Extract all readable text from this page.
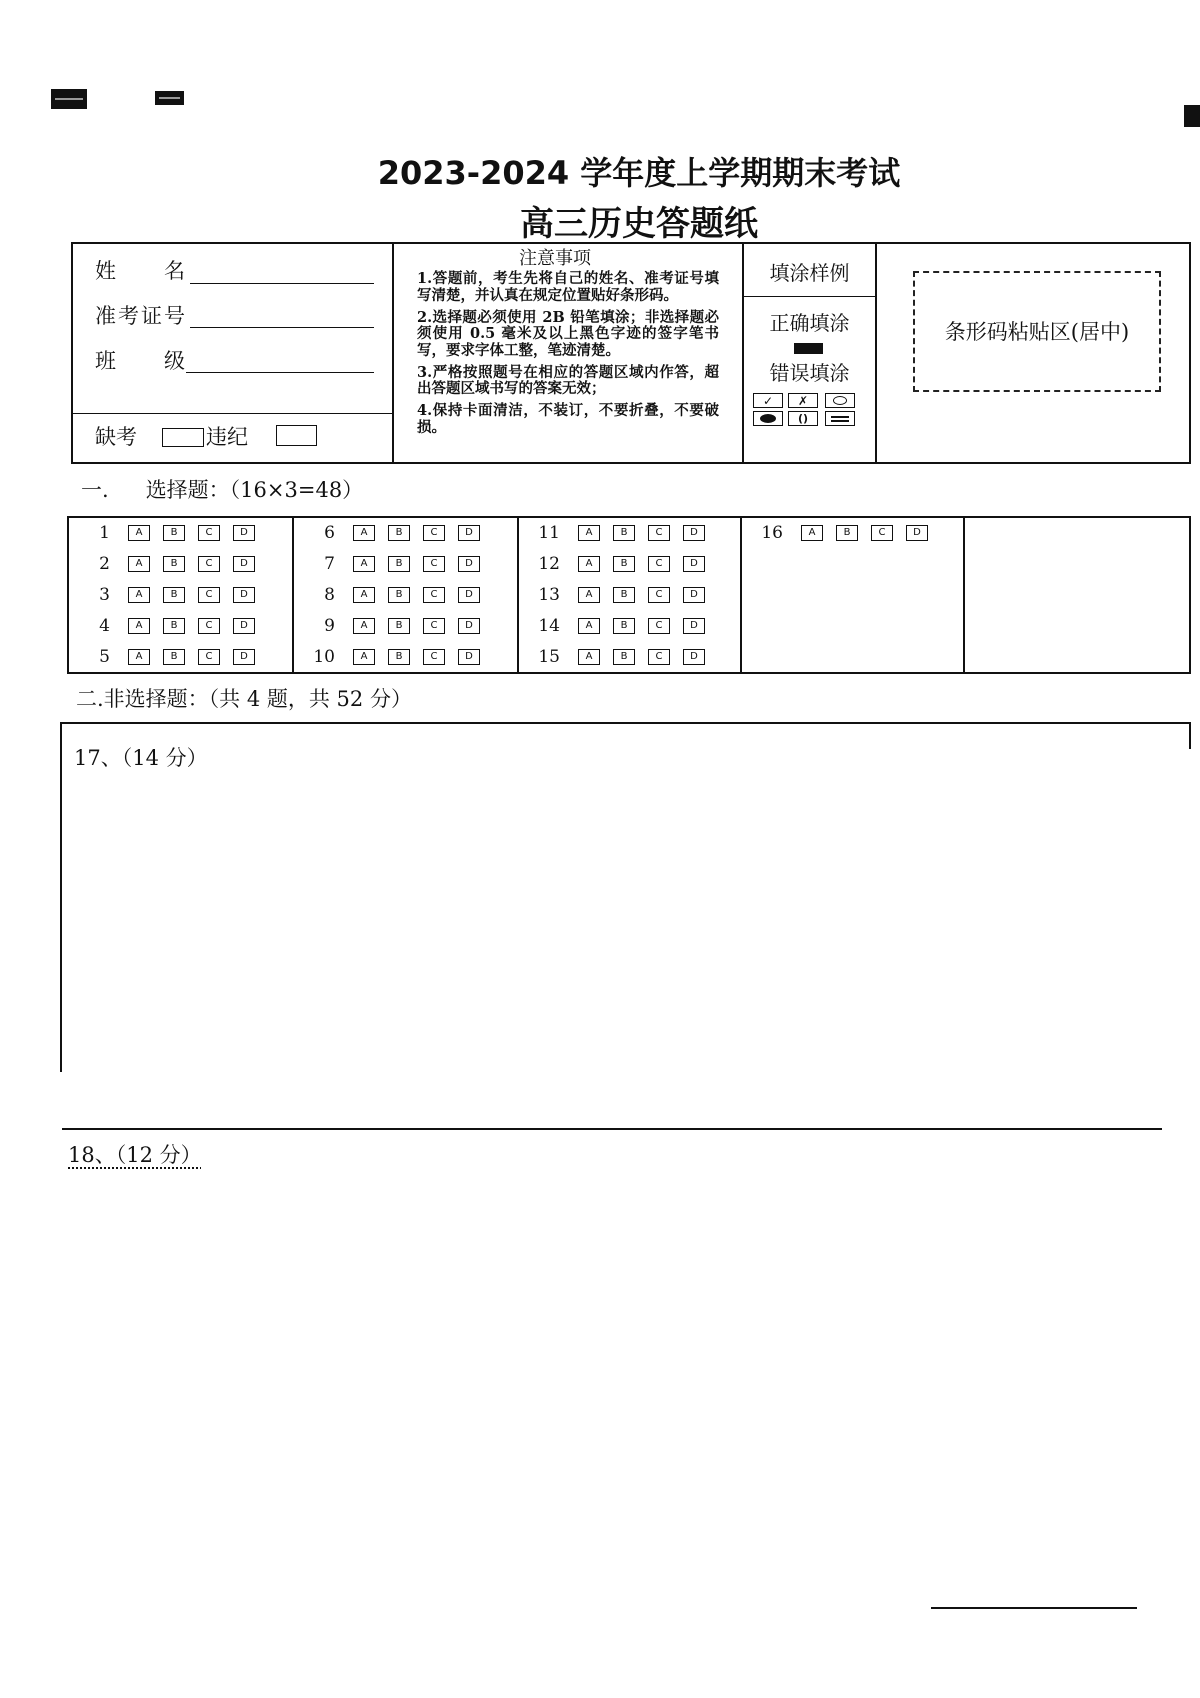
2023-2024 学年度上学期期末考试
高三历史答题纸
姓 名
准考证号
班 级
缺考	违纪
注意事项

1.答题前，考生先将自己的姓名、准考证号填写清楚，并认真在规定位置贴好条形码。

2.选择题必须使用 2B 铅笔填涂；非选择题必须使用 0.5 毫米及以上黑色字迹的签字笔书写，要求字体工整，笔迹清楚。

3.严格按照题号在相应的答题区域内作答，超出答题区域书写的答案无效；

4.保持卡面清洁，不装订，不要折叠，不要破损。

填涂样例
正确填涂
错误填涂
✓
✗
()
条形码粘贴区(居中)
一. 选择题：（16×3=48）
1	A	B	C	D
2	A	B	C	D
3	A	B	C	D
4	A	B	C	D
5	A	B	C	D
6	A	B	C	D
7	A	B	C	D
8	A	B	C	D
9	A	B	C	D
10	A	B	C	D
11	A	B	C	D
12	A	B	C	D
13	A	B	C	D
14	A	B	C	D
15	A	B	C	D
16	A	B	C	D
二.非选择题：（共 4 题，共 52 分）
17、（14 分）
18、（12 分）
